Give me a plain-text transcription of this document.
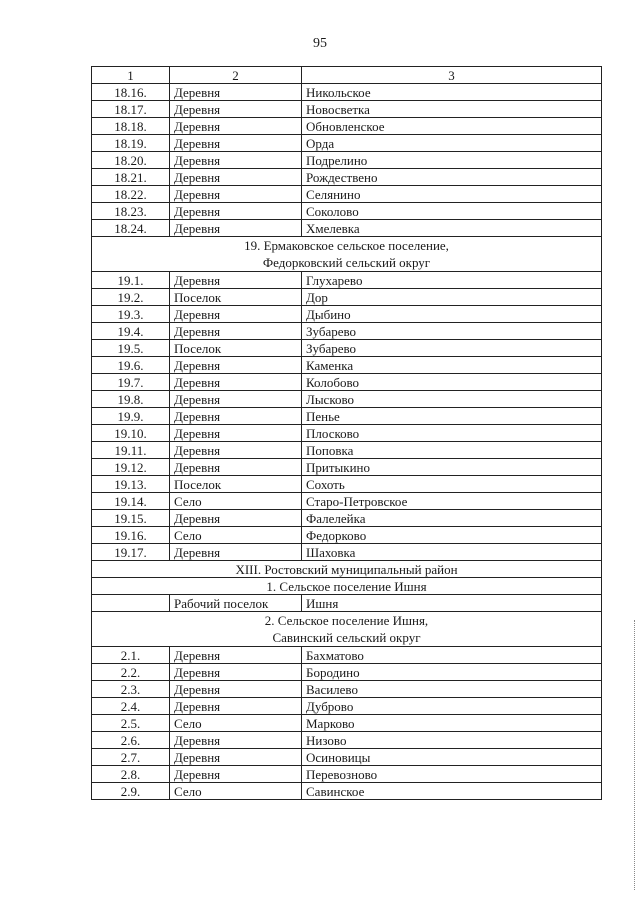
95
1	2	3
18.16.	Деревня	Никольское
18.17.	Деревня	Новосветка
18.18.	Деревня	Обновленское
18.19.	Деревня	Орда
18.20.	Деревня	Подрелино
18.21.	Деревня	Рождествено
18.22.	Деревня	Селянино
18.23.	Деревня	Соколово
18.24.	Деревня	Хмелевка

19. Ермаковское сельское поселение,
Федорковский сельский округ		

19.1.	Деревня	Глухарево
19.2.	Поселок	Дор
19.3.	Деревня	Дыбино
19.4.	Деревня	Зубарево
19.5.	Поселок	Зубарево
19.6.	Деревня	Каменка
19.7.	Деревня	Колобово
19.8.	Деревня	Лысково
19.9.	Деревня	Пенье
19.10.	Деревня	Плосково
19.11.	Деревня	Поповка
19.12.	Деревня	Притыкино
19.13.	Поселок	Сохоть
19.14.	Село	Старо-Петровское
19.15.	Деревня	Фалелейка
19.16.	Село	Федорково
19.17.	Деревня	Шаховка
XIII. Ростовский муниципальный район		
1. Сельское поселение Ишня		
	Рабочий поселок	Ишня

2. Сельское поселение Ишня,
Савинский сельский округ		

2.1.	Деревня	Бахматово
2.2.	Деревня	Бородино
2.3.	Деревня	Василево
2.4.	Деревня	Дуброво
2.5.	Село	Марково
2.6.	Деревня	Низово
2.7.	Деревня	Осиновицы
2.8.	Деревня	Перевозново
2.9.	Село	Савинское
